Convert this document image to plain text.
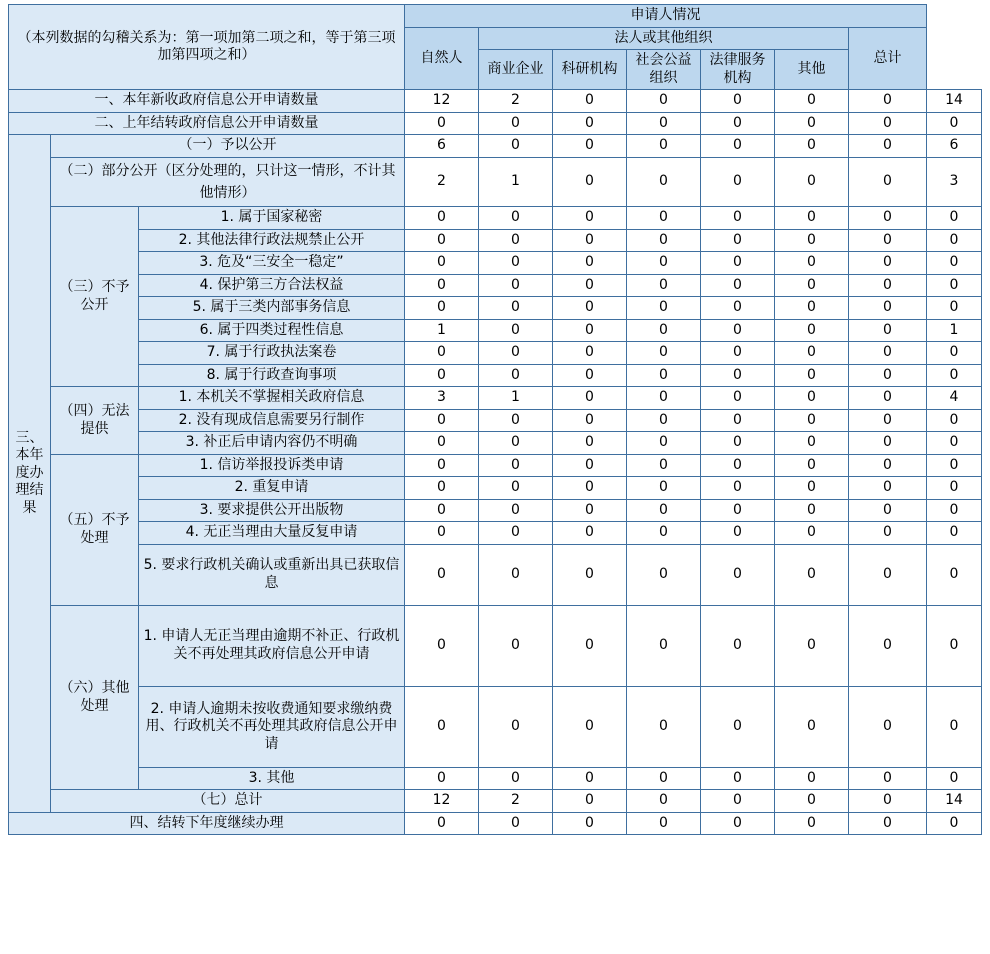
（本列数据的勾稽关系为：第一项加第二项之和，等于第三项加第四项之和）			申请人情况							
			自然人	法人或其他组织					总计	
				商业企业	科研机构	社会公益组织	法律服务机构	其他		
一、本年新收政府信息公开申请数量			12	2	0	0	0	0	0	14
二、上年结转政府信息公开申请数量			0	0	0	0	0	0	0	0
三、本年度办理结果	（一）予以公开		6	0	0	0	0	0	0	6
	（二）部分公开（区分处理的，只计这一情形，不计其他情形）		2	1	0	0	0	0	0	3
	（三）不予公开	1. 属于国家秘密	0	0	0	0	0	0	0	0
		2. 其他法律行政法规禁止公开	0	0	0	0	0	0	0	0
		3. 危及“三安全一稳定”	0	0	0	0	0	0	0	0
		4. 保护第三方合法权益	0	0	0	0	0	0	0	0
		5. 属于三类内部事务信息	0	0	0	0	0	0	0	0
		6. 属于四类过程性信息	1	0	0	0	0	0	0	1
		7. 属于行政执法案卷	0	0	0	0	0	0	0	0
		8. 属于行政查询事项	0	0	0	0	0	0	0	0
	（四）无法提供	1. 本机关不掌握相关政府信息	3	1	0	0	0	0	0	4
		2. 没有现成信息需要另行制作	0	0	0	0	0	0	0	0
		3. 补正后申请内容仍不明确	0	0	0	0	0	0	0	0
	（五）不予处理	1. 信访举报投诉类申请	0	0	0	0	0	0	0	0
		2. 重复申请	0	0	0	0	0	0	0	0
		3. 要求提供公开出版物	0	0	0	0	0	0	0	0
		4. 无正当理由大量反复申请	0	0	0	0	0	0	0	0
		5. 要求行政机关确认或重新出具已获取信息	0	0	0	0	0	0	0	0
	（六）其他处理	1. 申请人无正当理由逾期不补正、行政机关不再处理其政府信息公开申请	0	0	0	0	0	0	0	0
		2. 申请人逾期未按收费通知要求缴纳费用、行政机关不再处理其政府信息公开申请	0	0	0	0	0	0	0	0
		3. 其他	0	0	0	0	0	0	0	0
	（七）总计		12	2	0	0	0	0	0	14
四、结转下年度继续办理			0	0	0	0	0	0	0	0
